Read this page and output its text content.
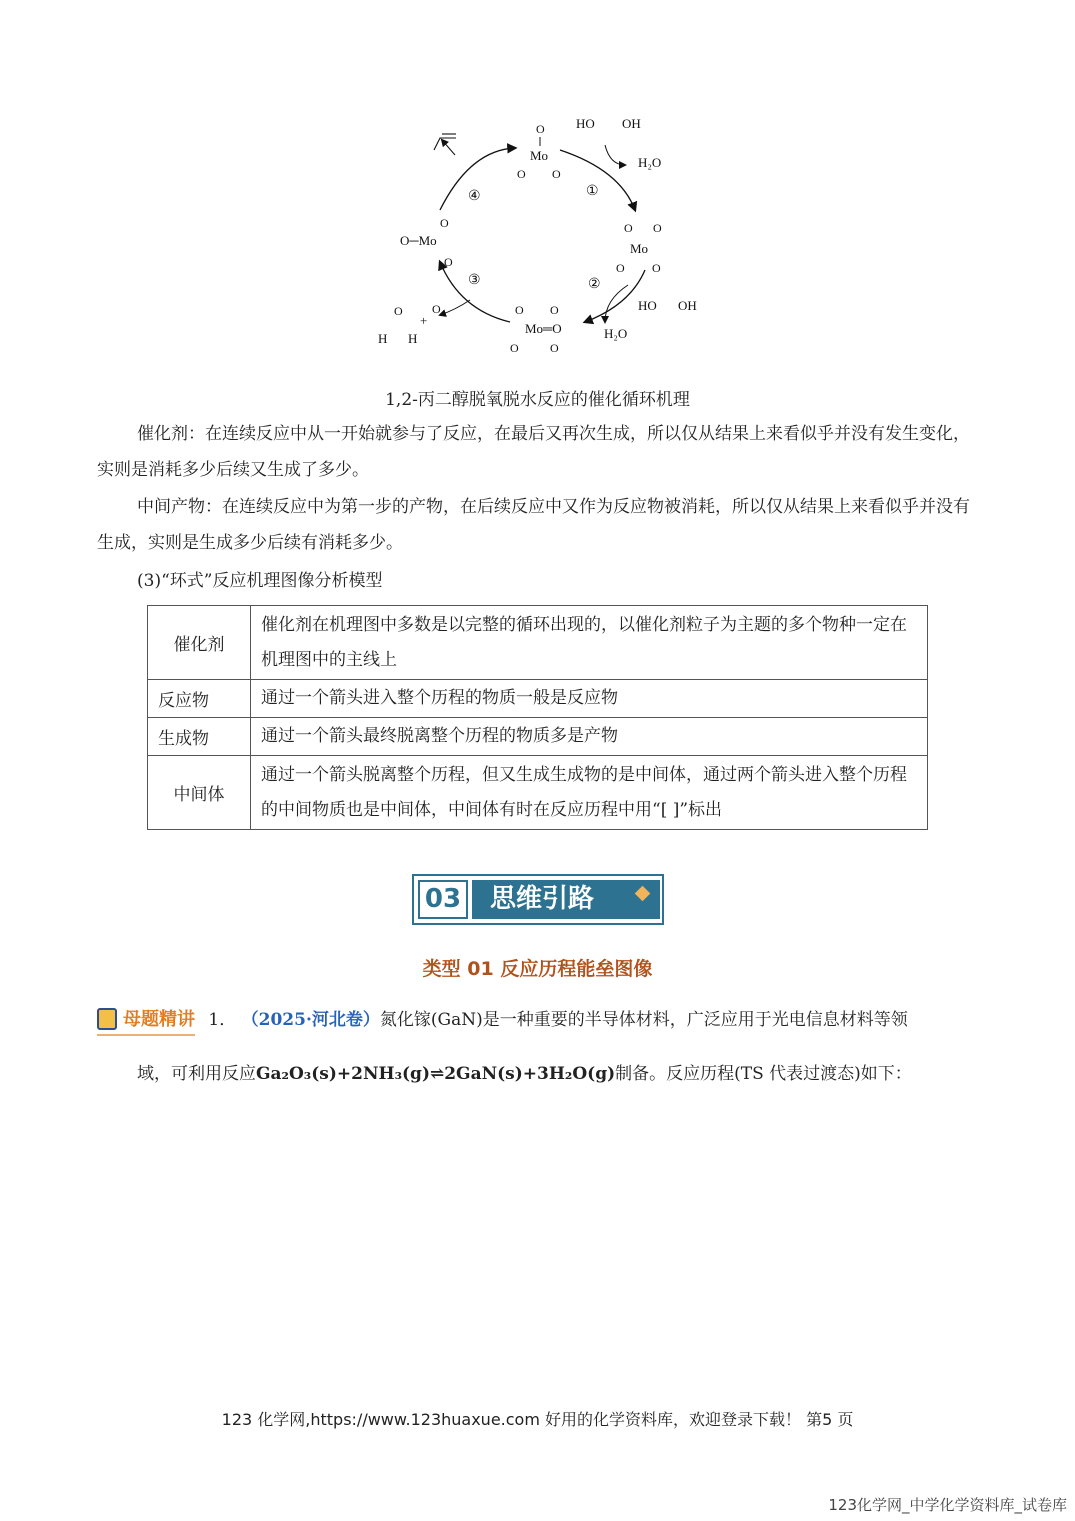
O
Mo
O O
HO OH
H₂O
O O
Mo
O O
HO OH
H₂O
O O
Mo═O
O	O
O
O─Mo
O
O
H H
+
O
①
②
③
④
1,2-丙二醇脱氧脱水反应的催化循环机理

催化剂：在连续反应中从一开始就参与了反应，在最后又再次生成，所以仅从结果上来看似乎并没有发生变化，实则是消耗多少后续又生成了多少。

中间产物：在连续反应中为第一步的产物，在后续反应中又作为反应物被消耗，所以仅从结果上来看似乎并没有生成，实则是生成多少后续有消耗多少。

(3)“环式”反应机理图像分析模型

催化剂	催化剂在机理图中多数是以完整的循环出现的，以催化剂粒子为主题的多个物种一定在机理图中的主线上
反应物	通过一个箭头进入整个历程的物质一般是反应物
生成物	通过一个箭头最终脱离整个历程的物质多是产物
中间体	通过一个箭头脱离整个历程，但又生成生成物的是中间体，通过两个箭头进入整个历程的中间物质也是中间体，中间体有时在反应历程中用“[ ]”标出
03	思维引路
类型 01 反应历程能垒图像
母题精讲 1． （2025·河北卷）氮化镓(GaN)是一种重要的半导体材料，广泛应用于光电信息材料等领
域，可利用反应Ga₂O₃(s)+2NH₃(g)⇌2GaN(s)+3H₂O(g)制备。反应历程(TS 代表过渡态)如下：
123 化学网,https://www.123huaxue.com 好用的化学资料库，欢迎登录下载！ 第5 页
123化学网_中学化学资料库_试卷库
